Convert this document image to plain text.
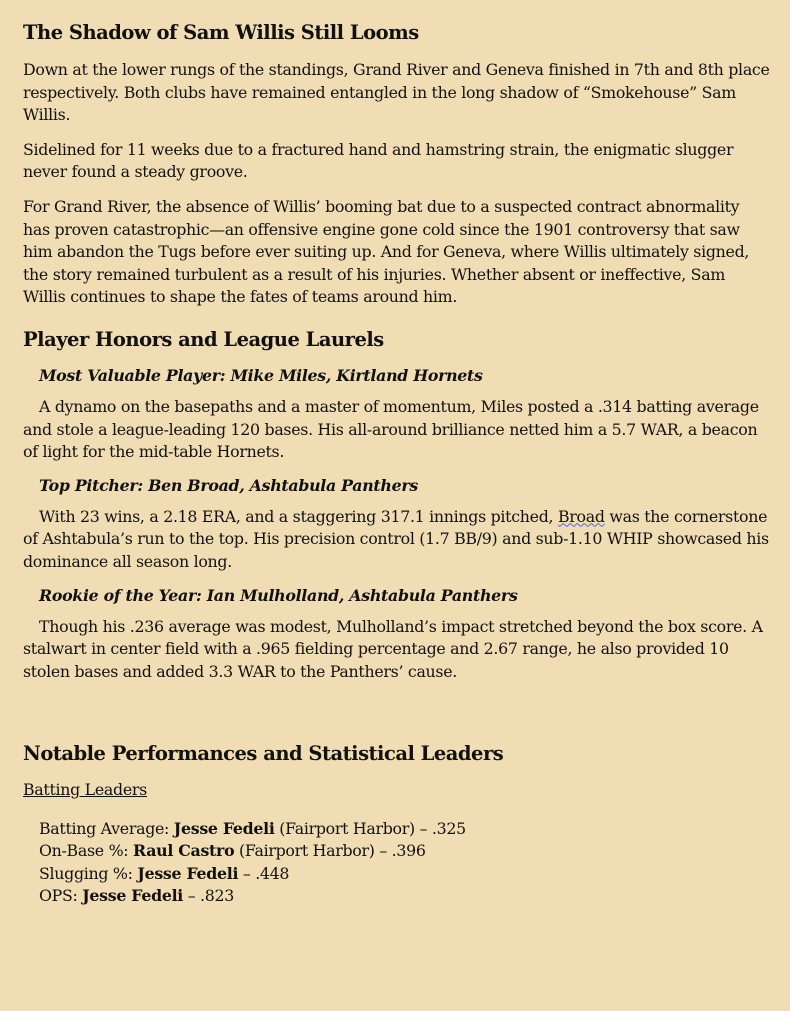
The Shadow of Sam Willis Still Looms

Down at the lower rungs of the standings, Grand River and Geneva finished in 7th and 8th place respectively. Both clubs have remained entangled in the long shadow of “Smokehouse” Sam Willis.

Sidelined for 11 weeks due to a fractured hand and hamstring strain, the enigmatic slugger never found a steady groove.

For Grand River, the absence of Willis’ booming bat due to a suspected contract abnormality has proven catastrophic—an offensive engine gone cold since the 1901 controversy that saw him abandon the Tugs before ever suiting up. And for Geneva, where Willis ultimately signed, the story remained turbulent as a result of his injuries. Whether absent or ineffective, Sam Willis continues to shape the fates of teams around him.

Player Honors and League Laurels
Most Valuable Player: Mike Miles, Kirtland Hornets

A dynamo on the basepaths and a master of momentum, Miles posted a .314 batting average and stole a league-leading 120 bases. His all-around brilliance netted him a 5.7 WAR, a beacon of light for the mid-table Hornets.

Top Pitcher: Ben Broad, Ashtabula Panthers

With 23 wins, a 2.18 ERA, and a staggering 317.1 innings pitched, Broad was the cornerstone of Ashtabula’s run to the top. His precision control (1.7 BB/9) and sub-1.10 WHIP showcased his dominance all season long.

Rookie of the Year: Ian Mulholland, Ashtabula Panthers

Though his .236 average was modest, Mulholland’s impact stretched beyond the box score. A stalwart in center field with a .965 fielding percentage and 2.67 range, he also provided 10 stolen bases and added 3.3 WAR to the Panthers’ cause.

Notable Performances and Statistical Leaders
Batting Leaders
Batting Average: Jesse Fedeli (Fairport Harbor) – .325
On-Base %: Raul Castro (Fairport Harbor) – .396
Slugging %: Jesse Fedeli – .448
OPS: Jesse Fedeli – .823
